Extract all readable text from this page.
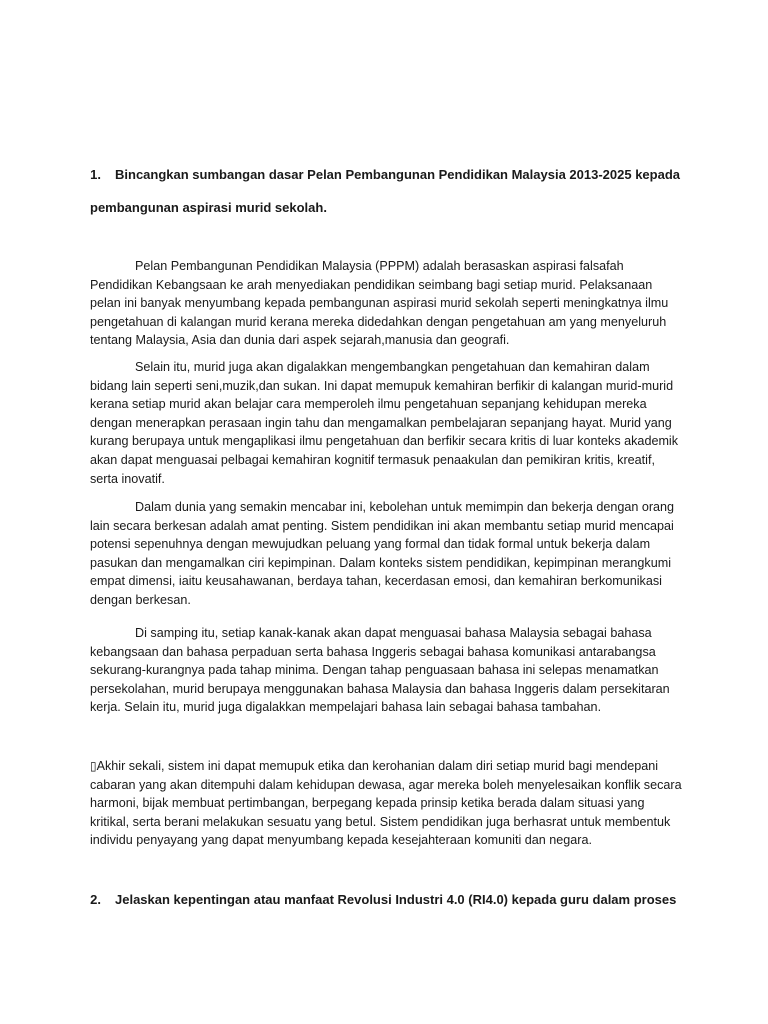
1. Bincangkan sumbangan dasar Pelan Pembangunan Pendidikan Malaysia 2013-2025 kepada
pembangunan aspirasi murid sekolah.

Pelan Pembangunan Pendidikan Malaysia (PPPM) adalah berasaskan aspirasi falsafah Pendidikan Kebangsaan ke arah menyediakan pendidikan seimbang bagi setiap murid. Pelaksanaan pelan ini banyak menyumbang kepada pembangunan aspirasi murid sekolah seperti meningkatnya ilmu pengetahuan di kalangan murid kerana mereka didedahkan dengan pengetahuan am yang menyeluruh tentang Malaysia, Asia dan dunia dari aspek sejarah,manusia dan geografi.

Selain itu, murid juga akan digalakkan mengembangkan pengetahuan dan kemahiran dalam bidang lain seperti seni,muzik,dan sukan. Ini dapat memupuk kemahiran berfikir di kalangan murid-murid kerana setiap murid akan belajar cara memperoleh ilmu pengetahuan sepanjang kehidupan mereka dengan menerapkan perasaan ingin tahu dan mengamalkan pembelajaran sepanjang hayat. Murid yang kurang berupaya untuk mengaplikasi ilmu pengetahuan dan berfikir secara kritis di luar konteks akademik akan dapat menguasai pelbagai kemahiran kognitif termasuk penaakulan dan pemikiran kritis, kreatif, serta inovatif.

Dalam dunia yang semakin mencabar ini, kebolehan untuk memimpin dan bekerja dengan orang lain secara berkesan adalah amat penting. Sistem pendidikan ini akan membantu setiap murid mencapai potensi sepenuhnya dengan mewujudkan peluang yang formal dan tidak formal untuk bekerja dalam pasukan dan mengamalkan ciri kepimpinan. Dalam konteks sistem pendidikan, kepimpinan merangkumi empat dimensi, iaitu keusahawanan, berdaya tahan, kecerdasan emosi, dan kemahiran berkomunikasi dengan berkesan.

Di samping itu, setiap kanak-kanak akan dapat menguasai bahasa Malaysia sebagai bahasa kebangsaan dan bahasa perpaduan serta bahasa Inggeris sebagai bahasa komunikasi antarabangsa sekurang-kurangnya pada tahap minima. Dengan tahap penguasaan bahasa ini selepas menamatkan persekolahan, murid berupaya menggunakan bahasa Malaysia dan bahasa Inggeris dalam persekitaran kerja. Selain itu, murid juga digalakkan mempelajari bahasa lain sebagai bahasa tambahan.

▯Akhir sekali, sistem ini dapat memupuk etika dan kerohanian dalam diri setiap murid bagi mendepani cabaran yang akan ditempuhi dalam kehidupan dewasa, agar mereka boleh menyelesaikan konflik secara harmoni, bijak membuat pertimbangan, berpegang kepada prinsip ketika berada dalam situasi yang kritikal, serta berani melakukan sesuatu yang betul. Sistem pendidikan juga berhasrat untuk membentuk individu penyayang yang dapat menyumbang kepada kesejahteraan komuniti dan negara.

2. Jelaskan kepentingan atau manfaat Revolusi Industri 4.0 (RI4.0) kepada guru dalam proses
